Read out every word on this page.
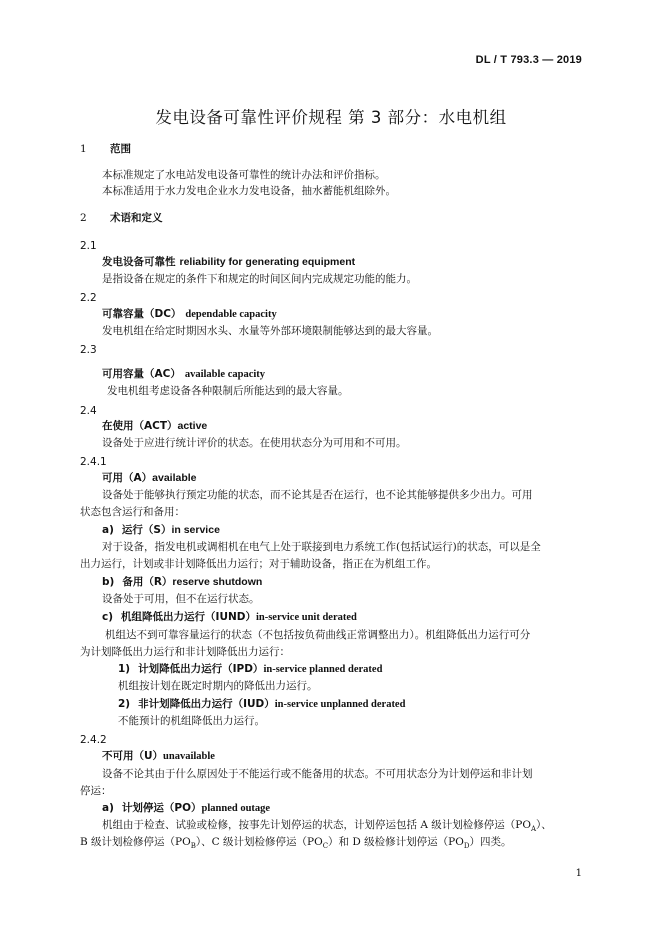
DL / T 793.3 — 2019
发电设备可靠性评价规程 第 3 部分：水电机组
1 范围
本标准规定了水电站发电设备可靠性的统计办法和评价指标。
本标准适用于水力发电企业水力发电设备，抽水蓄能机组除外。
2 术语和定义
2.1
发电设备可靠性 reliability for generating equipment
是指设备在规定的条件下和规定的时间区间内完成规定功能的能力。
2.2
可靠容量（DC） dependable capacity
发电机组在给定时期因水头、水量等外部环境限制能够达到的最大容量。
2.3
可用容量（AC） available capacity
发电机组考虑设备各种限制后所能达到的最大容量。
2.4
在使用（ACT）active
设备处于应进行统计评价的状态。在使用状态分为可用和不可用。
2.4.1
可用（A）available
设备处于能够执行预定功能的状态，而不论其是否在运行，也不论其能够提供多少出力。可用
状态包含运行和备用：
a) 运行（S）in service
对于设备，指发电机或调相机在电气上处于联接到电力系统工作(包括试运行)的状态，可以是全
出力运行，计划或非计划降低出力运行；对于辅助设备，指正在为机组工作。
b) 备用（R）reserve shutdown
设备处于可用，但不在运行状态。
c) 机组降低出力运行（IUND）in-service unit derated
机组达不到可靠容量运行的状态（不包括按负荷曲线正常调整出力）。机组降低出力运行可分
为计划降低出力运行和非计划降低出力运行：
1) 计划降低出力运行（IPD）in-service planned derated
机组按计划在既定时期内的降低出力运行。
2) 非计划降低出力运行（IUD）in-service unplanned derated
不能预计的机组降低出力运行。
2.4.2
不可用（U）unavailable
设备不论其由于什么原因处于不能运行或不能备用的状态。不可用状态分为计划停运和非计划
停运：
a) 计划停运（PO）planned outage
机组由于检查、试验或检修，按事先计划停运的状态，计划停运包括 A 级计划检修停运$(PO_A)$、
B 级计划检修停运$(PO_B)$、C 级计划检修停运$(PO_C)$和 D 级检修计划停运$(PO_D)$四类。
1
